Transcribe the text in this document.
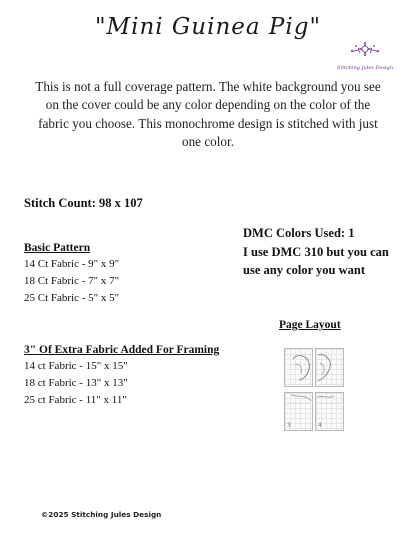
"Mini Guinea Pig"
Stitching Jules Design
This is not a full coverage pattern. The white background you see on the cover could be any color depending on the color of the fabric you choose. This monochrome design is stitched with just one color.
Stitch Count: 98 x 107
DMC Colors Used: 1
I use DMC 310 but you can
use any color you want
Basic Pattern
14 Ct Fabric - 9" x 9"
18 Ct Fabric - 7" x 7"
25 Ct Fabric - 5" x 5"
3" Of Extra Fabric Added For Framing
14 ct Fabric - 15" x 15"
18 ct Fabric - 13" x 13"
25 ct Fabric - 11" x 11"
Page Layout
3	4
©2025 Stitching Jules Design
